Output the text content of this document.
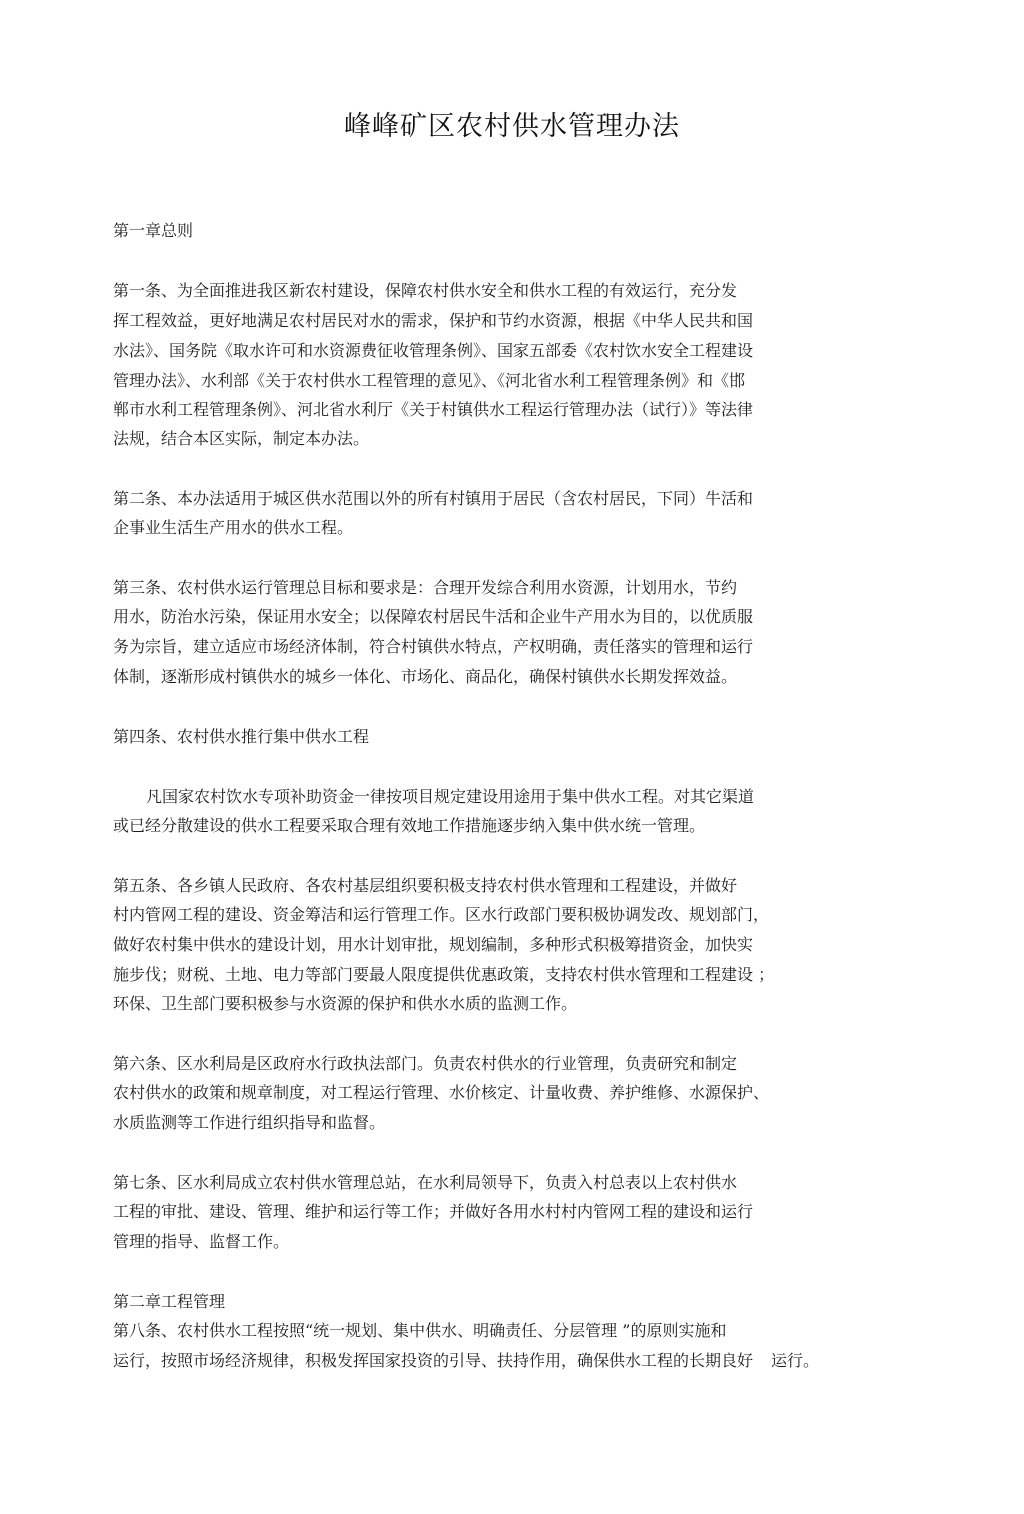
峰峰矿区农村供水管理办法
第一章总则
第一条、为全面推进我区新农村建设，保障农村供水安全和供水工程的有效运行，充分发
挥工程效益，更好地满足农村居民对水的需求，保护和节约水资源，根据《中华人民共和国
水法》、国务院《取水许可和水资源费征收管理条例》、国家五部委《农村饮水安全工程建设
管理办法》、水利部《关于农村供水工程管理的意见》、《河北省水利工程管理条例》和《邯
郸市水利工程管理条例》、河北省水利厅《关于村镇供水工程运行管理办法（试行）》等法律
法规，结合本区实际，制定本办法。
第二条、本办法适用于城区供水范围以外的所有村镇用于居民（含农村居民，下同）牛活和
企事业生活生产用水的供水工程。
第三条、农村供水运行管理总目标和要求是：合理开发综合利用水资源，计划用水，节约
用水，防治水污染，保证用水安全；以保障农村居民牛活和企业牛产用水为目的，以优质服
务为宗旨，建立适应市场经济体制，符合村镇供水特点，产权明确，责任落实的管理和运行
体制，逐渐形成村镇供水的城乡一体化、市场化、商品化，确保村镇供水长期发挥效益。
第四条、农村供水推行集中供水工程
凡国家农村饮水专项补助资金一律按项目规定建设用途用于集中供水工程。对其它渠道
或已经分散建设的供水工程要采取合理有效地工作措施逐步纳入集中供水统一管理。
第五条、各乡镇人民政府、各农村基层组织要积极支持农村供水管理和工程建设，并做好
村内管网工程的建设、资金筹洁和运行管理工作。区水行政部门要积极协调发改、规划部门，
做好农村集中供水的建设计划，用水计划审批，规划编制，多种形式积极筹措资金，加快实
施步伐；财税、土地、电力等部门要最人限度提供优惠政策，支持农村供水管理和工程建设 ；
环保、卫生部门要积极参与水资源的保护和供水水质的监测工作。
第六条、区水利局是区政府水行政执法部门。负责农村供水的行业管理，负责研究和制定
农村供水的政策和规章制度，对工程运行管理、水价核定、计量收费、养护维修、水源保护、
水质监测等工作进行组织指导和监督。
第七条、区水利局成立农村供水管理总站，在水利局领导下，负责入村总表以上农村供水
工程的审批、建设、管理、维护和运行等工作；并做好各用水村村内管网工程的建设和运行
管理的指导、监督工作。
第二章工程管理
第八条、农村供水工程按照“统一规划、集中供水、明确责任、分层管理 ”的原则实施和
运行，按照市场经济规律，积极发挥国家投资的引导、扶持作用，确保供水工程的长期良好 运行。
